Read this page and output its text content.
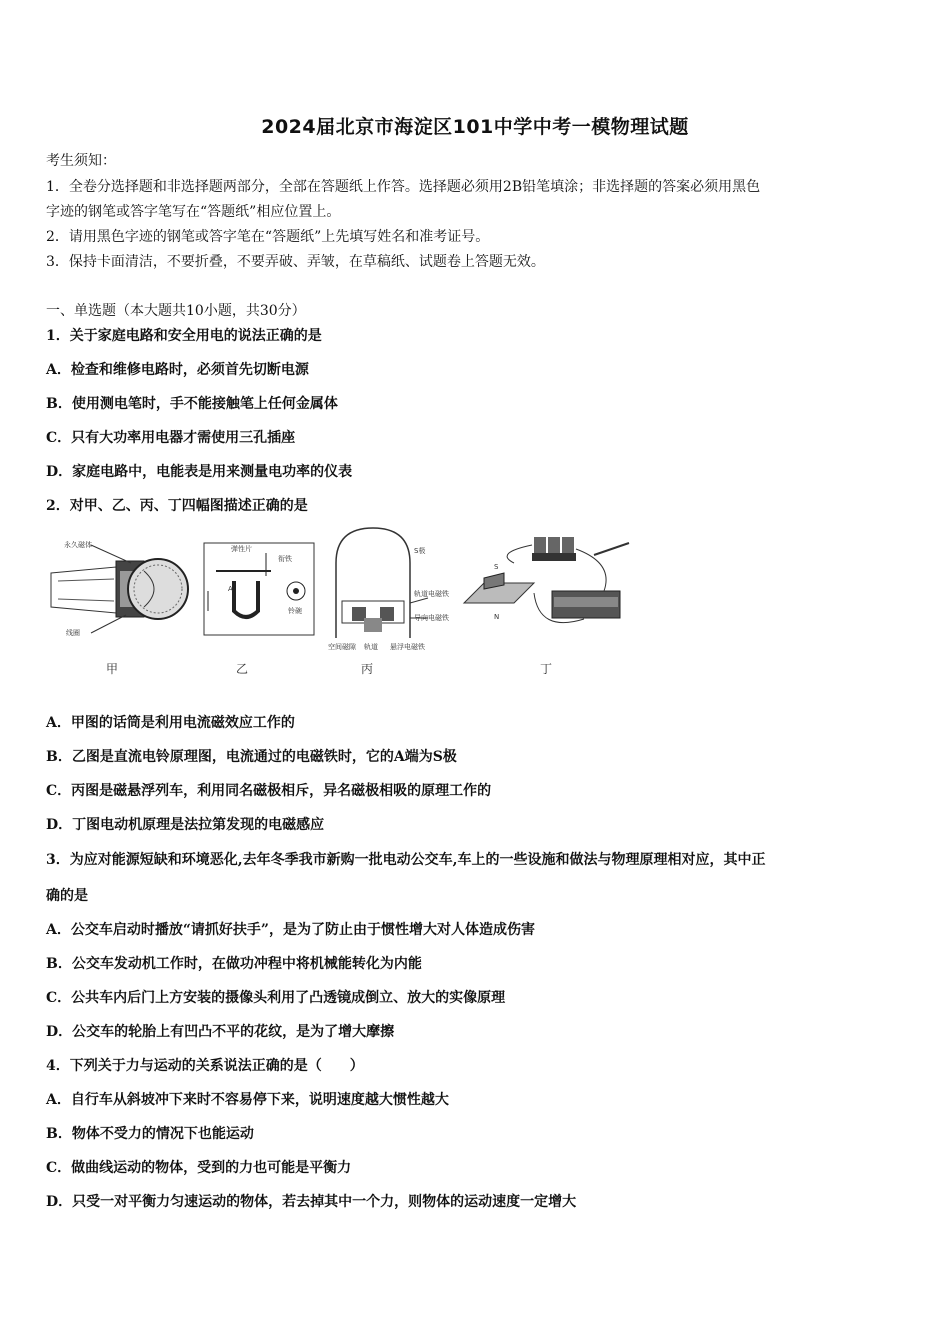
2024届北京市海淀区101中学中考一模物理试题
考生须知：
1．全卷分选择题和非选择题两部分，全部在答题纸上作答。选择题必须用2B铅笔填涂；非选择题的答案必须用黑色
字迹的钢笔或答字笔写在“答题纸”相应位置上。
2．请用黑色字迹的钢笔或答字笔在“答题纸”上先填写姓名和准考证号。
3．保持卡面清洁，不要折叠，不要弄破、弄皱，在草稿纸、试题卷上答题无效。
一、单选题（本大题共10小题，共30分）
1．关于家庭电路和安全用电的说法正确的是
A．检查和维修电路时，必须首先切断电源
B．使用测电笔时，手不能接触笔上任何金属体
C．只有大功率用电器才需使用三孔插座
D．家庭电路中，电能表是用来测量电功率的仪表
2．对甲、乙、丙、丁四幅图描述正确的是
永久磁体
线圈
弹性片
衔铁
A
铃碗
S极
轨道电磁铁
导向电磁铁
空间磁隙 轨道 悬浮电磁铁
S
N
甲	乙	丙	丁
A．甲图的话筒是利用电流磁效应工作的
B．乙图是直流电铃原理图，电流通过的电磁铁时，它的A端为S极
C．丙图是磁悬浮列车，利用同名磁极相斥，异名磁极相吸的原理工作的
D．丁图电动机原理是法拉第发现的电磁感应
3．为应对能源短缺和环境恶化,去年冬季我市新购一批电动公交车,车上的一些设施和做法与物理原理相对应，其中正
确的是
A．公交车启动时播放“请抓好扶手”，是为了防止由于惯性增大对人体造成伤害
B．公交车发动机工作时，在做功冲程中将机械能转化为内能
C．公共车内后门上方安装的摄像头利用了凸透镜成倒立、放大的实像原理
D．公交车的轮胎上有凹凸不平的花纹，是为了增大摩擦
4．下列关于力与运动的关系说法正确的是（　　）
A．自行车从斜坡冲下来时不容易停下来，说明速度越大惯性越大
B．物体不受力的情况下也能运动
C．做曲线运动的物体，受到的力也可能是平衡力
D．只受一对平衡力匀速运动的物体，若去掉其中一个力，则物体的运动速度一定增大
